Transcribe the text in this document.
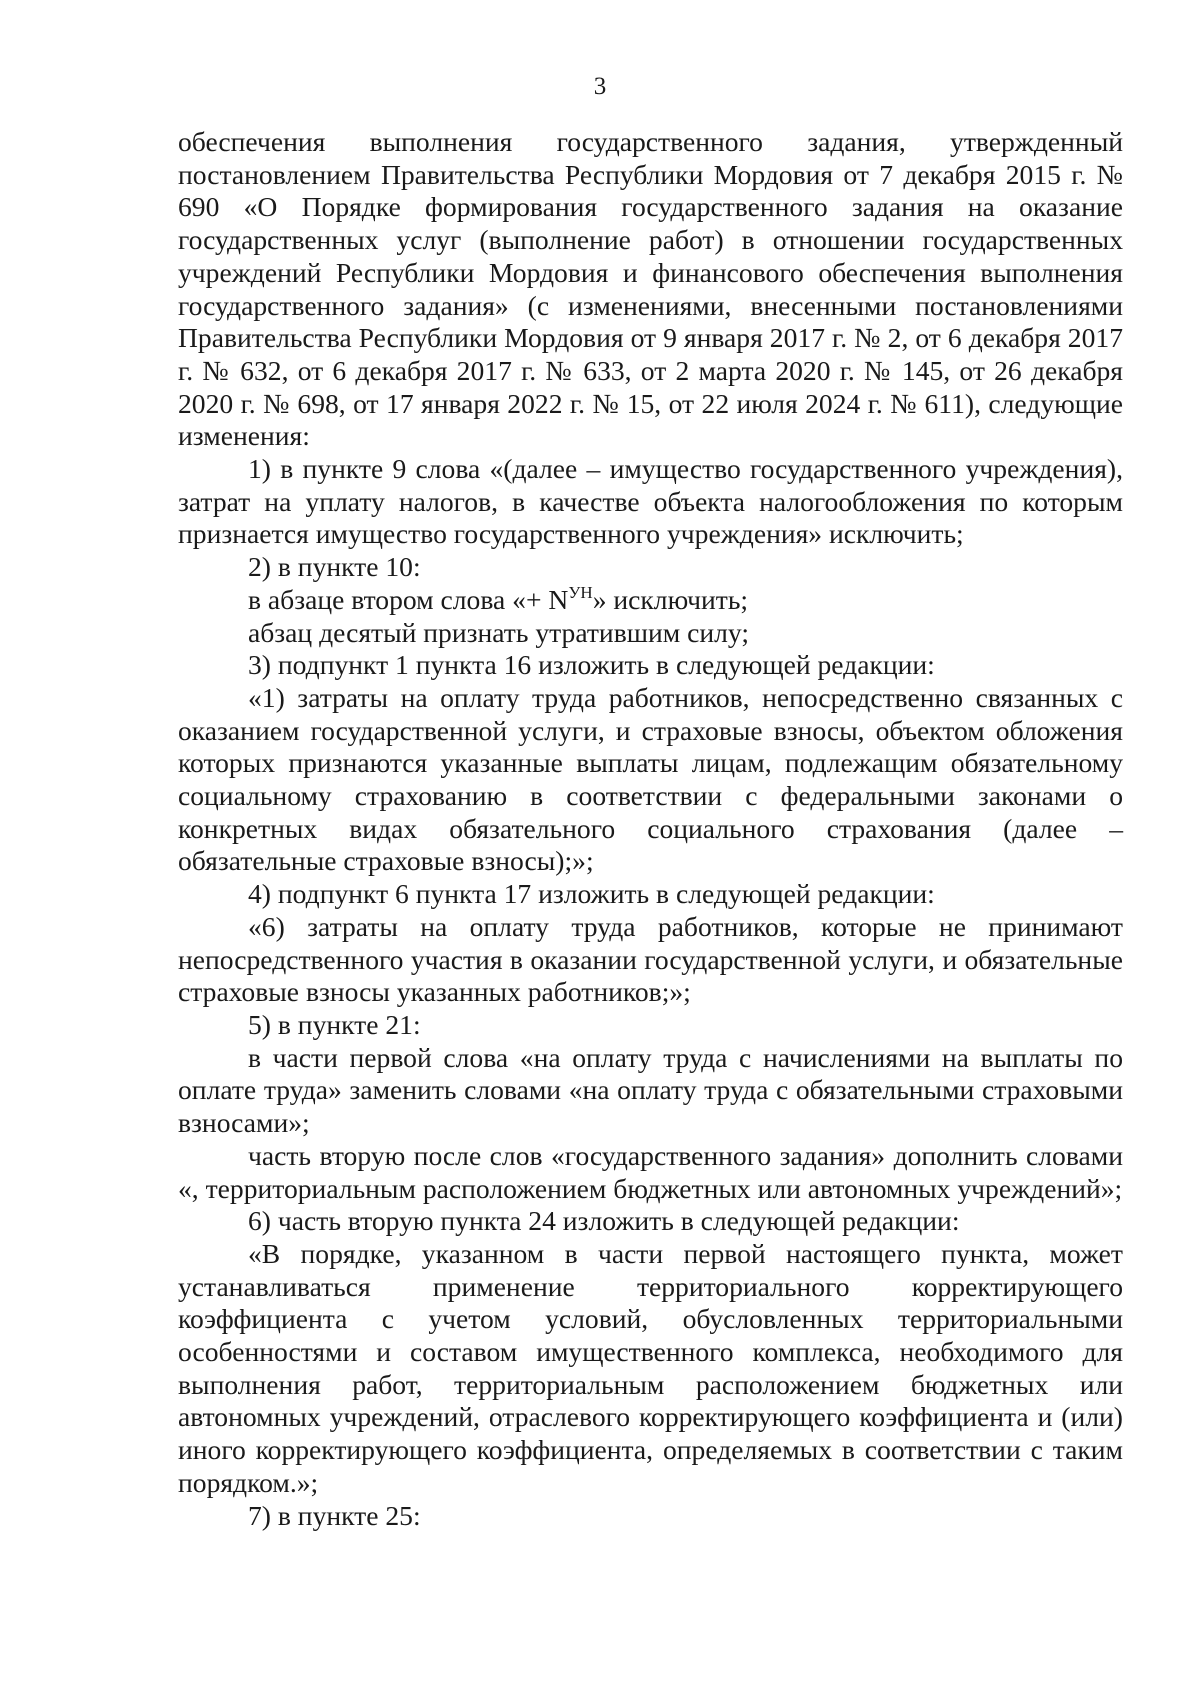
3

обеспечения выполнения государственного задания, утвержденный постановлением Правительства Республики Мордовия от 7 декабря 2015 г. № 690 «О Порядке формирования государственного задания на оказание государственных услуг (выполнение работ) в отношении государственных учреждений Республики Мордовия и финансового обеспечения выполнения государственного задания» (с изменениями, внесенными постановлениями Правительства Республики Мордовия от 9 января 2017 г. № 2, от 6 декабря 2017 г. № 632, от 6 декабря 2017 г. № 633, от 2 марта 2020 г. № 145, от 26 декабря 2020 г. № 698, от 17 января 2022 г. № 15, от 22 июля 2024 г. № 611), следующие изменения:

1) в пункте 9 слова «(далее – имущество государственного учреждения), затрат на уплату налогов, в качестве объекта налогообложения по которым признается имущество государственного учреждения» исключить;

2) в пункте 10:

в абзаце втором слова «+ $N^{УН}$» исключить;

абзац десятый признать утратившим силу;

3) подпункт 1 пункта 16 изложить в следующей редакции:

«1) затраты на оплату труда работников, непосредственно связанных с оказанием государственной услуги, и страховые взносы, объектом обложения которых признаются указанные выплаты лицам, подлежащим обязательному социальному страхованию в соответствии с федеральными законами о конкретных видах обязательного социального страхования (далее – обязательные страховые взносы);»;

4) подпункт 6 пункта 17 изложить в следующей редакции:

«6) затраты на оплату труда работников, которые не принимают непосредственного участия в оказании государственной услуги, и обязательные страховые взносы указанных работников;»;

5) в пункте 21:

в части первой слова «на оплату труда с начислениями на выплаты по оплате труда» заменить словами «на оплату труда с обязательными страховыми взносами»;

часть вторую после слов «государственного задания» дополнить словами «, территориальным расположением бюджетных или автономных учреждений»;

6) часть вторую пункта 24 изложить в следующей редакции:

«В порядке, указанном в части первой настоящего пункта, может устанавливаться применение территориального корректирующего коэффициента с учетом условий, обусловленных территориальными особенностями и составом имущественного комплекса, необходимого для выполнения работ, территориальным расположением бюджетных или автономных учреждений, отраслевого корректирующего коэффициента и (или) иного корректирующего коэффициента, определяемых в соответствии с таким порядком.»;

7) в пункте 25:
